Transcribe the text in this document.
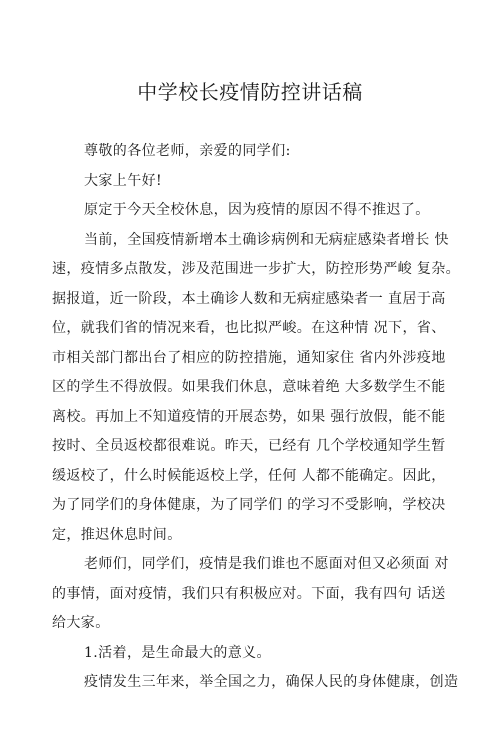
中学校长疫情防控讲话稿
尊敬的各位老师，亲爱的同学们:
大家上午好!
原定于今天全校休息，因为疫情的原因不得不推迟了。
当前，全国疫情新增本土确诊病例和无病症感染者增长 快
速，疫情多点散发，涉及范围进一步扩大，防控形势严峻 复杂。
据报道，近一阶段，本土确诊人数和无病症感染者一 直居于高
位，就我们省的情况来看，也比拟严峻。在这种情 况下，省、
市相关部门都出台了相应的防控措施，通知家住 省内外涉疫地
区的学生不得放假。如果我们休息，意味着绝 大多数学生不能
离校。再加上不知道疫情的开展态势，如果 强行放假，能不能
按时、全员返校都很难说。昨天，已经有 几个学校通知学生暂
缓返校了，什么时候能返校上学，任何 人都不能确定。因此，
为了同学们的身体健康，为了同学们 的学习不受影响，学校决
定，推迟休息时间。
老师们，同学们，疫情是我们谁也不愿面对但又必须面 对
的事情，面对疫情，我们只有积极应对。下面，我有四句 话送
给大家。
1.活着，是生命最大的意义。
疫情发生三年来，举全国之力，确保人民的身体健康，创造
